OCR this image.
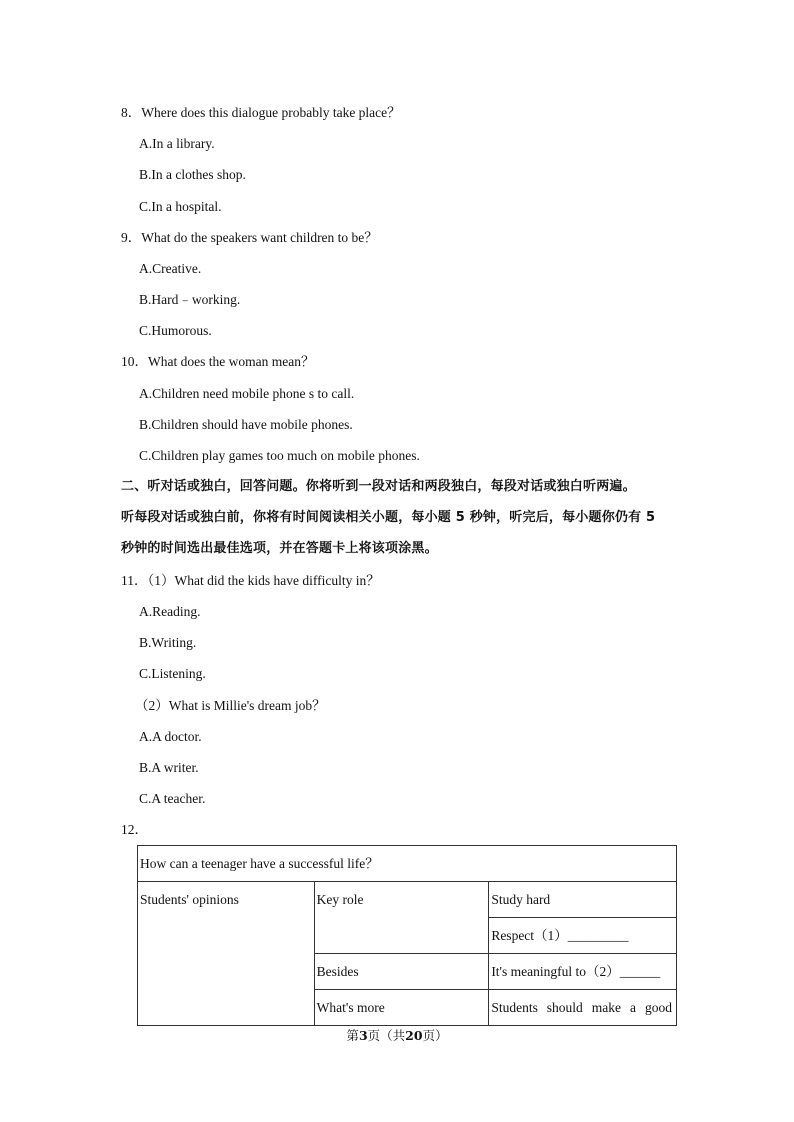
8．Where does this dialogue probably take place？
A.In a library.
B.In a clothes shop.
C.In a hospital.
9．What do the speakers want children to be？
A.Creative.
B.Hard﹣working.
C.Humorous.
10．What does the woman mean？
A.Children need mobile phone s to call.
B.Children should have mobile phones.
C.Children play games too much on mobile phones.
二、听对话或独白，回答问题。你将听到一段对话和两段独白，每段对话或独白听两遍。
听每段对话或独白前，你将有时间阅读相关小题，每小题 5 秒钟，听完后，每小题你仍有 5
秒钟的时间选出最佳选项，并在答题卡上将该项涂黑。
11．（1）What did the kids have difficulty in？
A.Reading.
B.Writing.
C.Listening.
（2）What is Millie's dream job？
A.A doctor.
B.A writer.
C.A teacher.
12．
How can a teenager have a successful life？		

Students' opinions	Key role	Study hard

		Respect（1）_________

	Besides	It's meaningful to（2）______

	What's more	Students should make a good
第3页（共20页）
